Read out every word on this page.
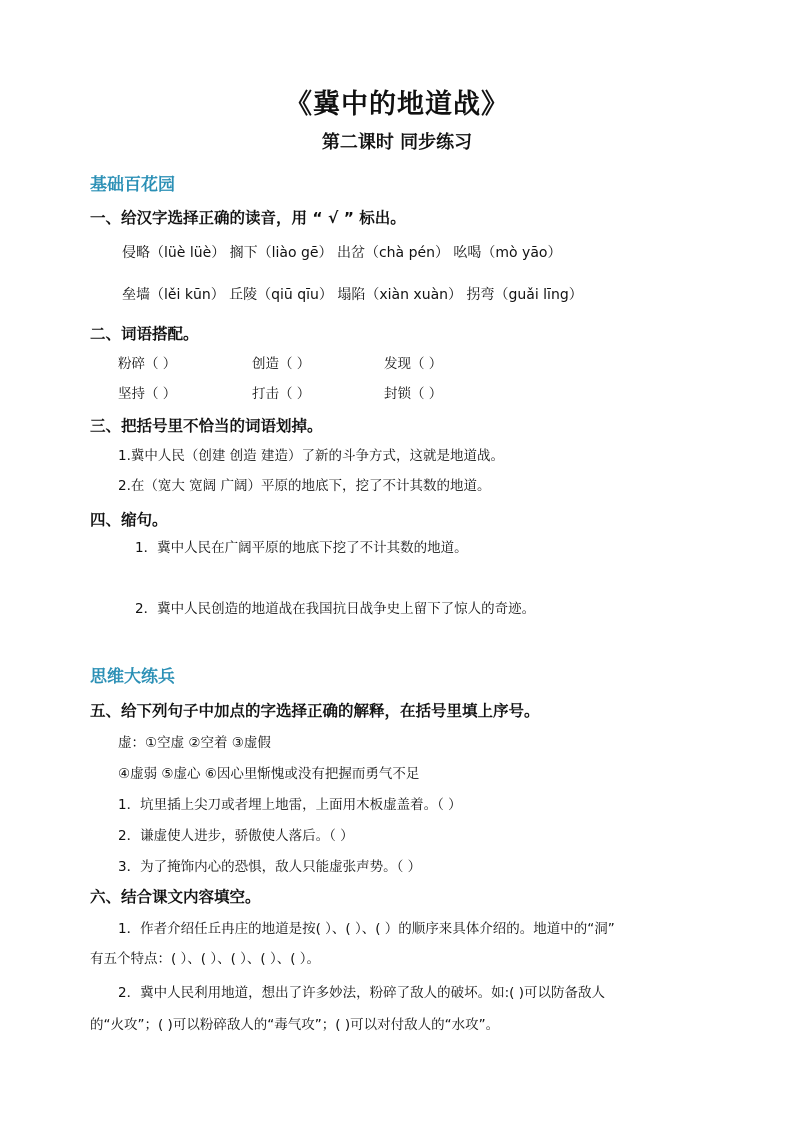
《冀中的地道战》
第二课时 同步练习
基础百花园
一、给汉字选择正确的读音，用 “ √ ” 标出。
侵略（lüè lüè） 搁下（liào gē） 出岔（chà pén） 吆喝（mò yāo）
垒墙（lěi kūn） 丘陵（qiū qīu） 塌陷（xiàn xuàn） 拐弯（guǎi līng）
二、词语搭配。
粉碎（ ）	创造（ ）	发现（ ）
坚持（ ）	打击（ ）	封锁（ ）
三、把括号里不恰当的词语划掉。
1.冀中人民（创建 创造 建造）了新的斗争方式，这就是地道战。
2.在（宽大 宽阔 广阔）平原的地底下，挖了不计其数的地道。
四、缩句。
1．冀中人民在广阔平原的地底下挖了不计其数的地道。
2．冀中人民创造的地道战在我国抗日战争史上留下了惊人的奇迹。
思维大练兵
五、给下列句子中加点的字选择正确的解释，在括号里填上序号。
虚：①空虚 ②空着 ③虚假
④虚弱 ⑤虚心 ⑥因心里惭愧或没有把握而勇气不足
1．坑里插上尖刀或者埋上地雷，上面用木板虚盖着。（ ）
2．谦虚使人进步，骄傲使人落后。（ ）
3．为了掩饰内心的恐惧，敌人只能虚张声势。（ ）
六、结合课文内容填空。
1．作者介绍任丘冉庄的地道是按( ）、( ）、( ）的顺序来具体介绍的。地道中的“洞”
有五个特点：( ）、( ）、( ）、( ）、( ）。
2．冀中人民利用地道，想出了许多妙法，粉碎了敌人的破坏。如:( )可以防备敌人
的“火攻”；( )可以粉碎敌人的“毒气攻”；( )可以对付敌人的“水攻”。
